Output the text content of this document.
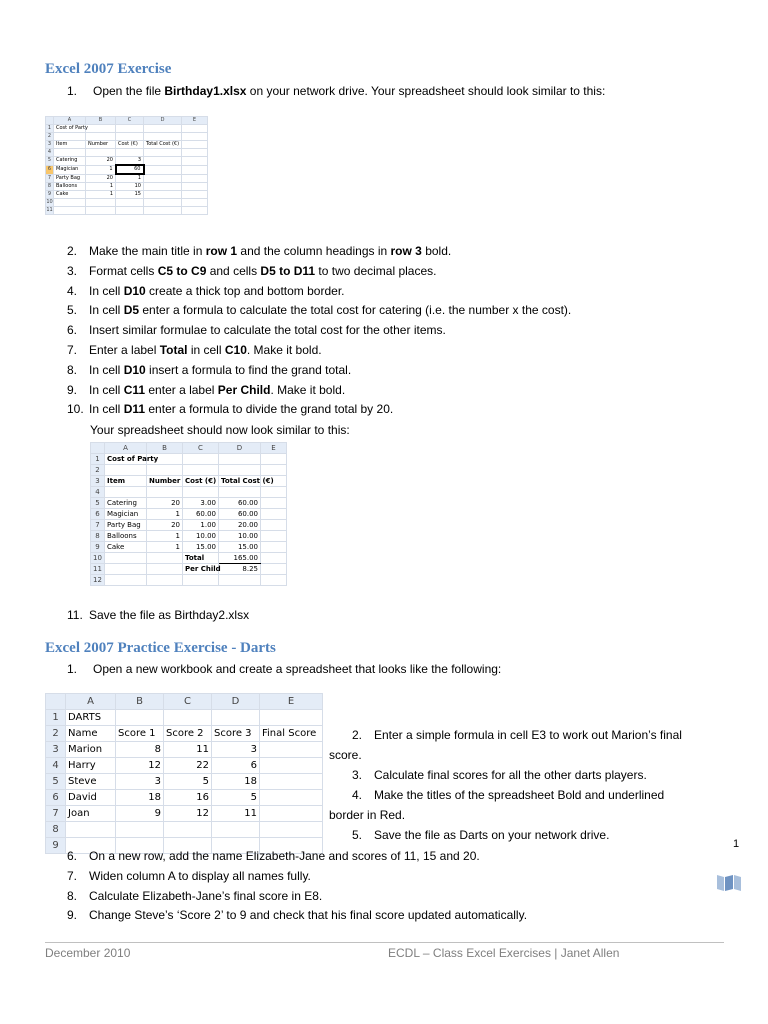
Excel 2007 Exercise
1. Open the file Birthday1.xlsx on your network drive. Your spreadsheet should look similar to this:
	A	B	C	D	E
1	Cost of Party				
2					
3	Item	Number	Cost (€)	Total Cost (€)	
4					
5	Catering	20	3		
6	Magician	1	60		
7	Party Bag	20	1		
8	Balloons	1	10		
9	Cake	1	15		
10					
11					
2. Make the main title in row 1 and the column headings in row 3 bold.
3. Format cells C5 to C9 and cells D5 to D11 to two decimal places.
4. In cell D10 create a thick top and bottom border.
5. In cell D5 enter a formula to calculate the total cost for catering (i.e. the number x the cost).
6. Insert similar formulae to calculate the total cost for the other items.
7. Enter a label Total in cell C10. Make it bold.
8. In cell D10 insert a formula to find the grand total.
9. In cell C11 enter a label Per Child. Make it bold.
10. In cell D11 enter a formula to divide the grand total by 20.
Your spreadsheet should now look similar to this:
	A	B	C	D	E
1	Cost of Party				
2					
3	Item	Number	Cost (€)	Total Cost (€)	
4					
5	Catering	20	3.00	60.00	
6	Magician	1	60.00	60.00	
7	Party Bag	20	1.00	20.00	
8	Balloons	1	10.00	10.00	
9	Cake	1	15.00	15.00	
10			Total	165.00	
11			Per Child	8.25	
12					
11. Save the file as Birthday2.xlsx
Excel 2007 Practice Exercise - Darts
1. Open a new workbook and create a spreadsheet that looks like the following:
	A	B	C	D	E
1	DARTS				
2	Name	Score 1	Score 2	Score 3	Final Score
3	Marion	8	11	3	
4	Harry	12	22	6	
5	Steve	3	5	18	
6	David	18	16	5	
7	Joan	9	12	11	
8					
9					
2. Enter a simple formula in cell E3 to work out Marion’s final
score.
3. Calculate final scores for all the other darts players.
4. Make the titles of the spreadsheet Bold and underlined
border in Red.
5. Save the file as Darts on your network drive.
6. On a new row, add the name Elizabeth-Jane and scores of 11, 15 and 20.
7. Widen column A to display all names fully.
8. Calculate Elizabeth-Jane’s final score in E8.
9. Change Steve’s ‘Score 2’ to 9 and check that his final score updated automatically.
1
December 2010	ECDL – Class Excel Exercises | Janet Allen
